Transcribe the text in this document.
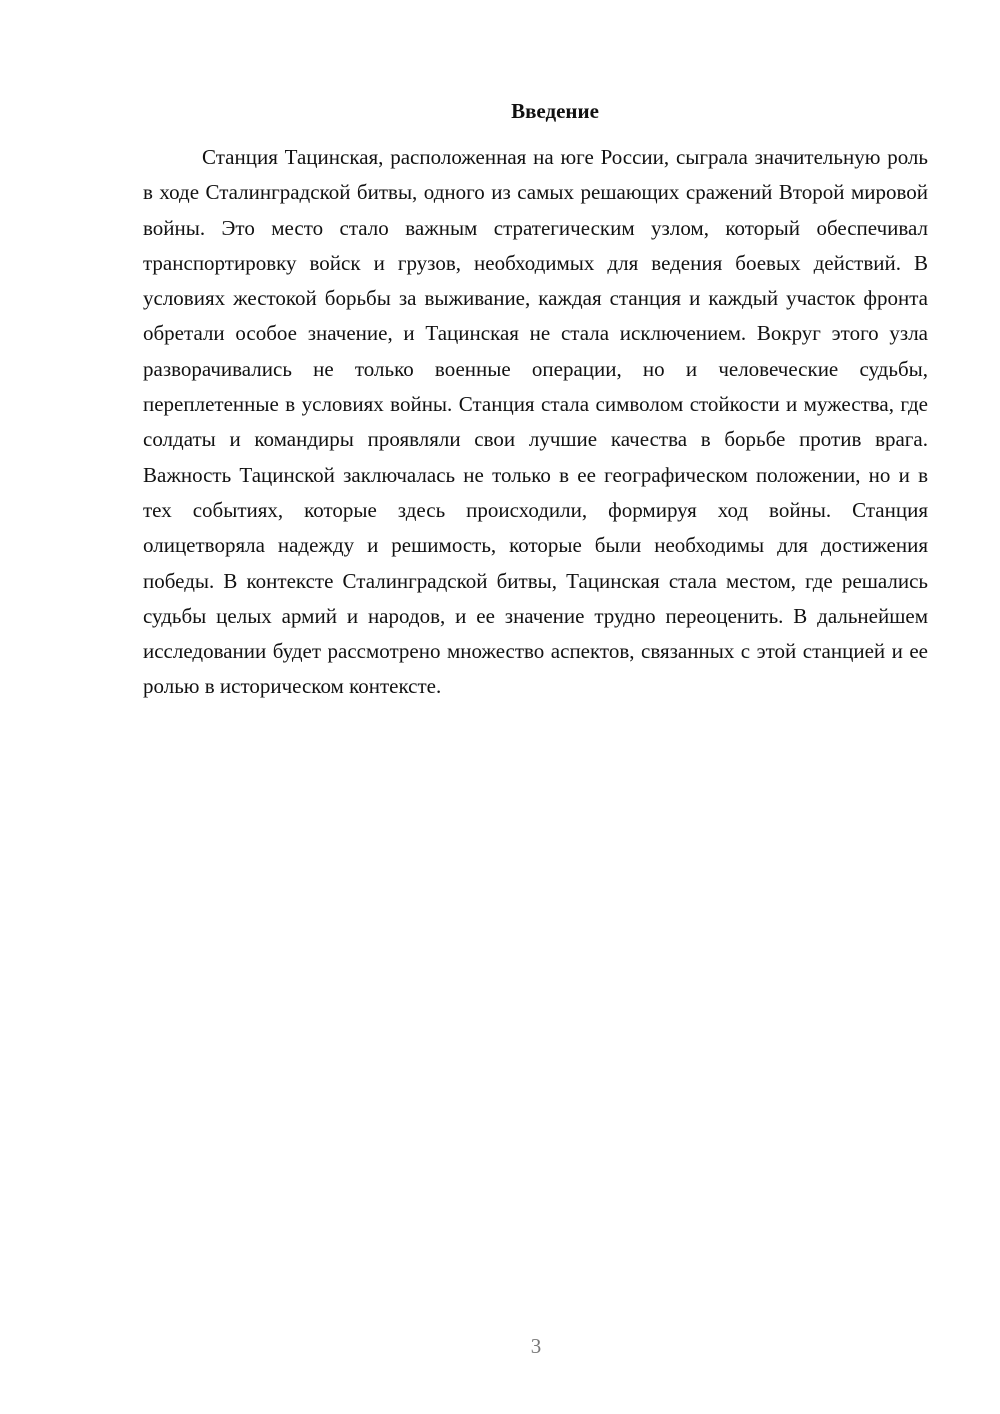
Введение

Станция Тацинская, расположенная на юге России, сыграла значительную роль в ходе Сталинградской битвы, одного из самых решающих сражений Второй мировой войны. Это место стало важным стратегическим узлом, который обеспечивал транспортировку войск и грузов, необходимых для ведения боевых действий. В условиях жестокой борьбы за выживание, каждая станция и каждый участок фронта обретали особое значение, и Тацинская не стала исключением. Вокруг этого узла разворачивались не только военные операции, но и человеческие судьбы, переплетенные в условиях войны. Станция стала символом стойкости и мужества, где солдаты и командиры проявляли свои лучшие качества в борьбе против врага. Важность Тацинской заключалась не только в ее географическом положении, но и в тех событиях, которые здесь происходили, формируя ход войны. Станция олицетворяла надежду и решимость, которые были необходимы для достижения победы. В контексте Сталинградской битвы, Тацинская стала местом, где решались судьбы целых армий и народов, и ее значение трудно переоценить. В дальнейшем исследовании будет рассмотрено множество аспектов, связанных с этой станцией и ее ролью в историческом контексте.

3
